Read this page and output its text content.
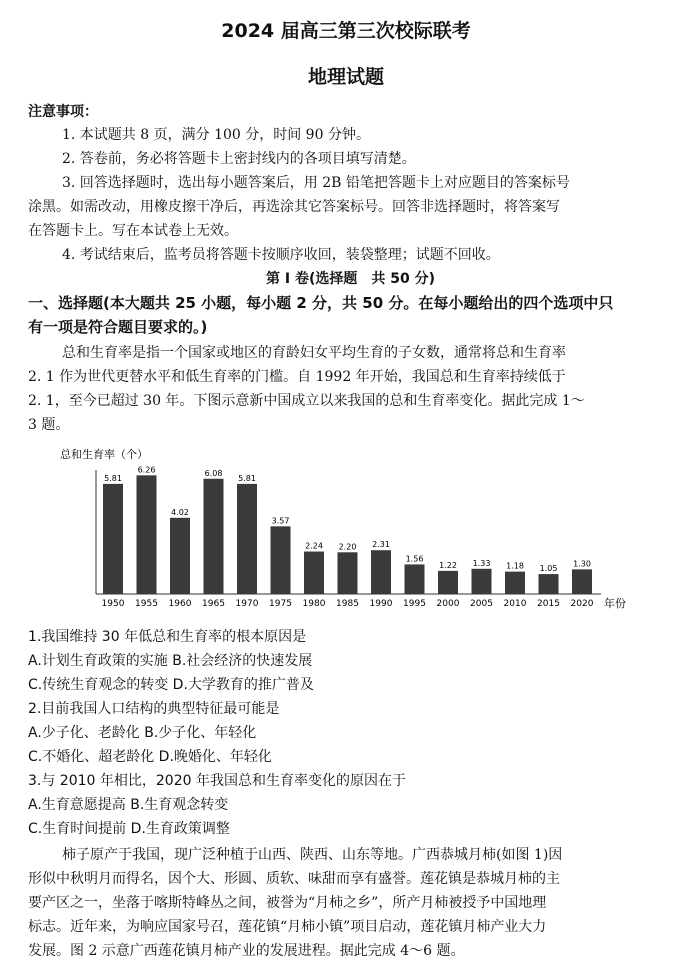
2024 届高三第三次校际联考
地理试题
注意事项：
1. 本试题共 8 页，满分 100 分，时间 90 分钟。
2. 答卷前，务必将答题卡上密封线内的各项目填写清楚。
3. 回答选择题时，选出每小题答案后，用 2B 铅笔把答题卡上对应题目的答案标号
涂黑。如需改动，用橡皮擦干净后，再选涂其它答案标号。回答非选择题时，将答案写
在答题卡上。写在本试卷上无效。
4. 考试结束后，监考员将答题卡按顺序收回，装袋整理；试题不回收。
第 Ⅰ 卷(选择题　共 50 分)
一、选择题(本大题共 25 小题，每小题 2 分，共 50 分。在每小题给出的四个选项中只
有一项是符合题目要求的。)
总和生育率是指一个国家或地区的育龄妇女平均生育的子女数，通常将总和生育率
2. 1 作为世代更替水平和低生育率的门槛。自 1992 年开始，我国总和生育率持续低于
2. 1，至今已超过 30 年。下图示意新中国成立以来我国的总和生育率变化。据此完成 1～
3 题。
总和生育率（个）
5.81
1950
6.26
1955
4.02
1960
6.08
1965
5.81
1970
3.57
1975
2.24
1980
2.20
1985
2.31
1990
1.56
1995
1.22
2000
1.33
2005
1.18
2010
1.05
2015
1.30
2020 年份
1.我国维持 30 年低总和生育率的根本原因是
A.计划生育政策的实施 B.社会经济的快速发展
C.传统生育观念的转变 D.大学教育的推广普及
2.目前我国人口结构的典型特征最可能是
A.少子化、老龄化 B.少子化、年轻化
C.不婚化、超老龄化 D.晚婚化、年轻化
3.与 2010 年相比，2020 年我国总和生育率变化的原因在于
A.生育意愿提高 B.生育观念转变
C.生育时间提前 D.生育政策调整
柿子原产于我国，现广泛种植于山西、陕西、山东等地。广西恭城月柿(如图 1)因
形似中秋明月而得名，因个大、形圆、质软、味甜而享有盛誉。莲花镇是恭城月柿的主
要产区之一，坐落于喀斯特峰丛之间，被誉为“月柿之乡”，所产月柿被授予中国地理
标志。近年来，为响应国家号召，莲花镇“月柿小镇”项目启动，莲花镇月柿产业大力
发展。图 2 示意广西莲花镇月柿产业的发展进程。据此完成 4～6 题。
